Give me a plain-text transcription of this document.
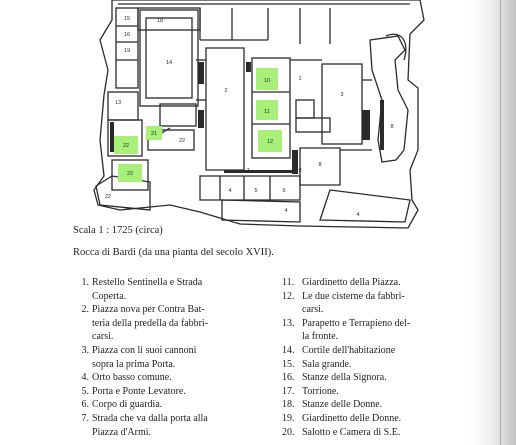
15
16
19
18
14
2
1
13
10
11
12
3
22
21
22
22
22
4	5	6
7
8
9
4
4
8
Scala 1 : 1725 (circa)
Rocca di Bardi (da una pianta del secolo XVII).
1. Restello Sentinella e Strada
Coperta.
2. Piazza nova per Contra Bat-
teria della predella da fabbri-
carsi.
3. Piazza con li suoi cannoni
sopra la prima Porta.
4. Orto basso comune.
5. Porta e Ponte Levatore.
6. Corpo di guardia.
7. Strada che va dalla porta alla
Piazza d'Armi.
11. Giardinetto della Piazza.
12. Le due cisterne da fabbri-
carsi.
13. Parapetto e Terrapieno del-
la fronte.
14. Cortile dell'habitazione
15. Sala grande.
16. Stanze della Signora.
17. Torrione.
18. Stanze delle Donne.
19. Giardinetto delle Donne.
20. Salotto e Camera di S.E.
